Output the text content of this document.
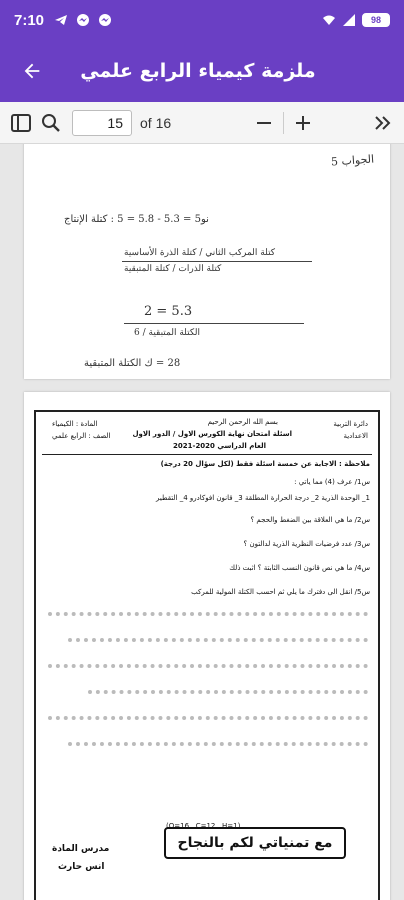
7:10	98
ملزمة كيمياء الرابع علمي
15
of 16
الجواب 5
نو5 = 5.3 - 5.8 = 5 : كتلة الإنتاج
كتلة المركب الثاني / كتلة الذرة الأساسية
كتلة الذرات / كتلة المتبقية
2 = 5.3
الكتلة المتبقية / 6
28 = ك الكتلة المتبقية
دائرة التربية
الاعدادية
بسم الله الرحمن الرحيم
اسئلة امتحان نهاية الكورس الاول / الدور الاول
العام الدراسي 2020-2021
المادة : الكيمياء
الصف : الرابع علمي
ملاحظة : الاجابة عن خمسة اسئلة فقط (لكل سؤال 20 درجة)
س1/ عرف (4) مما ياتي :
1_ الوحدة الذرية 2_ درجة الحرارة المطلقة 3_ قانون افوكادرو 4_ التقطير
س2/ ما هي العلاقة بين الضغط والحجم ؟
س3/ عدد فرضيات النظرية الذرية لدالتون ؟
س4/ ما هي نص قانون النسب الثابتة ؟ اثبت ذلك
س5/ انقل الى دفترك ما يلي ثم احسب الكتلة المولية للمركب
(O=16 , C=12 , H=1)
مدرس المادة
انس حارث
مع تمنياتي لكم بالنجاح
